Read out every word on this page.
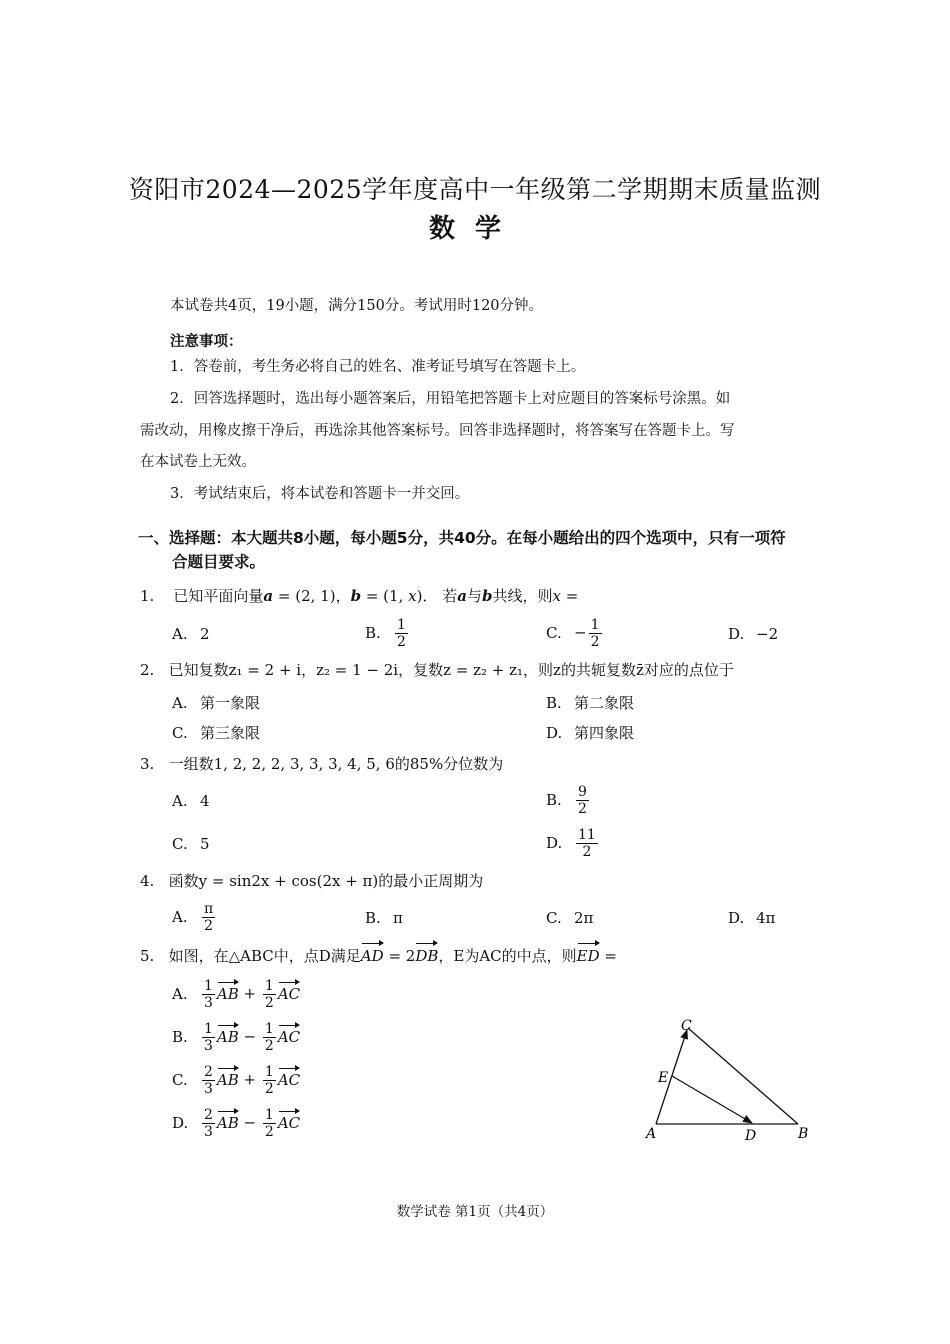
资阳市2024—2025学年度高中一年级第二学期期末质量监测
数学
本试卷共4页，19小题，满分150分。考试用时120分钟。
注意事项：
1．答卷前，考生务必将自己的姓名、准考证号填写在答题卡上。
2．回答选择题时，选出每小题答案后，用铅笔把答题卡上对应题目的答案标号涂黑。如
需改动，用橡皮擦干净后，再选涂其他答案标号。回答非选择题时，将答案写在答题卡上。写
在本试卷上无效。
3．考试结束后，将本试卷和答题卡一并交回。
一、选择题：本大题共8小题，每小题5分，共40分。在每小题给出的四个选项中，只有一项符
合题目要求。
1. 已知平面向量a = (2, 1)，b = (1, x)． 若a与b共线，则x =
A. 2	B. $\frac{1}{2}$	C. − $\frac{1}{2}$	D. −2
2. 已知复数z₁ = 2 + i，z₂ = 1 − 2i，复数z = z₂ + z₁，则z的共轭复数z̄对应的点位于
A. 第一象限	B. 第二象限
C. 第三象限	D. 第四象限
3. 一组数1, 2, 2, 2, 3, 3, 3, 4, 5, 6的85%分位数为
A. 4	B. $\frac{9}{2}$
C. 5	D. $\frac{11}{2}$
4. 函数y = sin2x + cos(2x + π)的最小正周期为
A. $\frac{\pi}{2}$	B. π	C. 2π	D. 4π
5. 如图，在△ABC中，点D满足AD = 2DB，E为AC的中点，则ED =
A. $\frac{1}{3}$ AB + $\frac{1}{2}$ AC
B. $\frac{1}{3}$ AB − $\frac{1}{2}$ AC
C. $\frac{2}{3}$ AB + $\frac{1}{2}$ AC
D. $\frac{2}{3}$ AB − $\frac{1}{2}$ AC
A	B
C
D
E
数学试卷 第1页（共4页）
